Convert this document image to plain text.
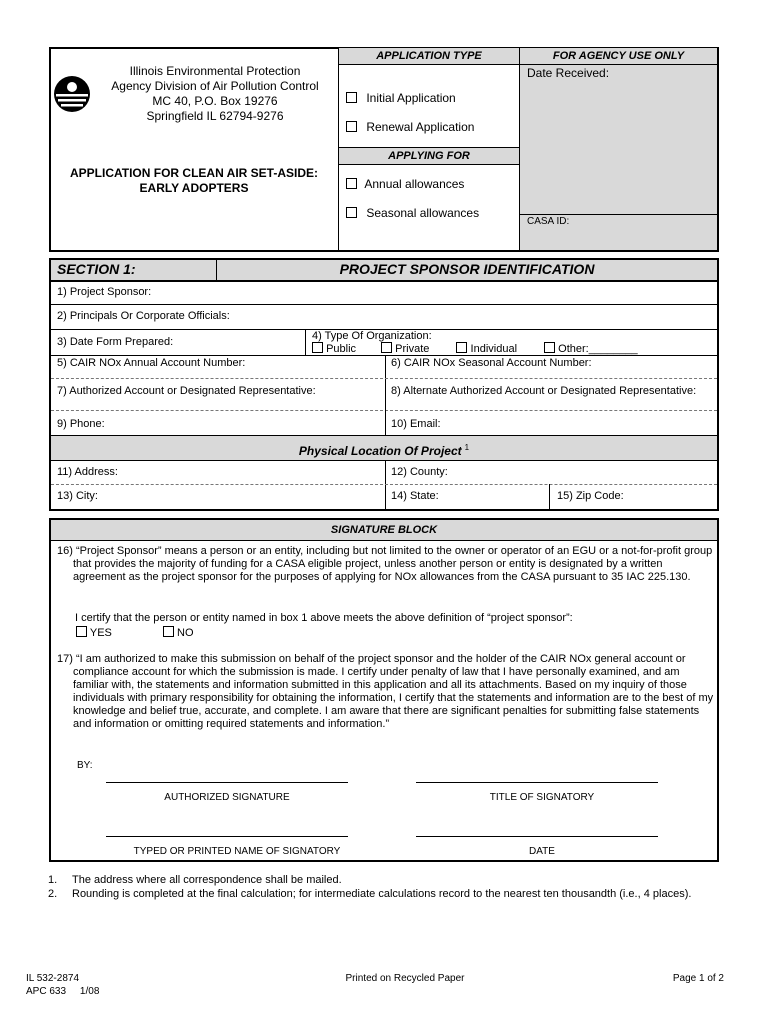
Illinois Environmental Protection
Agency Division of Air Pollution Control
MC 40, P.O. Box 19276
Springfield IL 62794-9276
APPLICATION FOR CLEAN AIR SET-ASIDE:
EARLY ADOPTERS
APPLICATION TYPE
Initial Application
Renewal Application
APPLYING FOR
Annual allowances
Seasonal allowances
FOR AGENCY USE ONLY
Date Received:
CASA ID:
SECTION 1:	PROJECT SPONSOR IDENTIFICATION
1) Project Sponsor:
2) Principals Or Corporate Officials:
3) Date Form Prepared:	4) Type Of Organization:
Public	Private	Individual	Other:________
5) CAIR NOx Annual Account Number:	6) CAIR NOx Seasonal Account Number:
7) Authorized Account or Designated Representative:	8) Alternate Authorized Account or Designated Representative:
9) Phone:	10) Email:
Physical Location Of Project $^1$
11) Address:	12) County:
13) City:	14) State:	15) Zip Code:
SIGNATURE BLOCK
16) “Project Sponsor” means a person or an entity, including but not limited to the owner or operator of an EGU or a not-for-profit group that provides the majority of funding for a CASA eligible project, unless another person or entity is designated by a written agreement as the project sponsor for the purposes of applying for NOx allowances from the CASA pursuant to 35 IAC 225.130.
I certify that the person or entity named in box 1 above meets the above definition of “project sponsor”:
YES	NO
17) “I am authorized to make this submission on behalf of the project sponsor and the holder of the CAIR NOx general account or compliance account for which the submission is made. I certify under penalty of law that I have personally examined, and am familiar with, the statements and information submitted in this application and all its attachments. Based on my inquiry of those individuals with primary responsibility for obtaining the information, I certify that the statements and information are to the best of my knowledge and belief true, accurate, and complete. I am aware that there are significant penalties for submitting false statements and information or omitting required statements and information.”
BY:
AUTHORIZED SIGNATURE	TITLE OF SIGNATORY
TYPED OR PRINTED NAME OF SIGNATORY	DATE
1. The address where all correspondence shall be mailed.
2. Rounding is completed at the final calculation; for intermediate calculations record to the nearest ten thousandth (i.e., 4 places).
IL 532-2874
APC 633     1/08
Printed on Recycled Paper	Page 1 of 2
